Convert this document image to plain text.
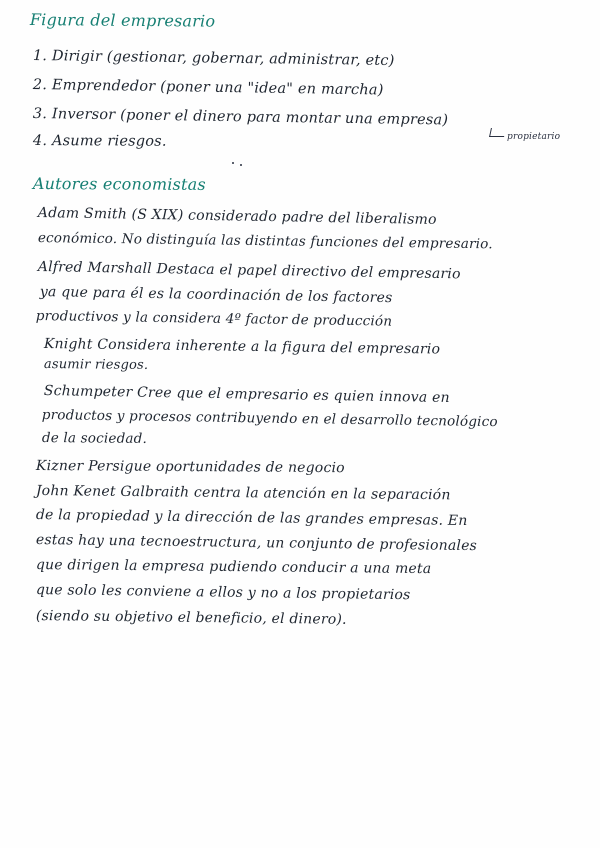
Figura del empresario
1. Dirigir (gestionar, gobernar, administrar, etc)
2. Emprendedor (poner una "idea" en marcha)
3. Inversor (poner el dinero para montar una empresa)
4. Asume riesgos.	propietario
Autores economistas
Adam Smith (S XIX) considerado padre del liberalismo
económico. No distinguía las distintas funciones del empresario.
Alfred Marshall Destaca el papel directivo del empresario
ya que para él es la coordinación de los factores
productivos y la considera 4º factor de producción
Knight Considera inherente a la figura del empresario
asumir riesgos.
Schumpeter Cree que el empresario es quien innova en
productos y procesos contribuyendo en el desarrollo tecnológico
de la sociedad.
Kizner Persigue oportunidades de negocio
John Kenet Galbraith centra la atención en la separación
de la propiedad y la dirección de las grandes empresas. En
estas hay una tecnoestructura, un conjunto de profesionales
que dirigen la empresa pudiendo conducir a una meta
que solo les conviene a ellos y no a los propietarios
(siendo su objetivo el beneficio, el dinero).
